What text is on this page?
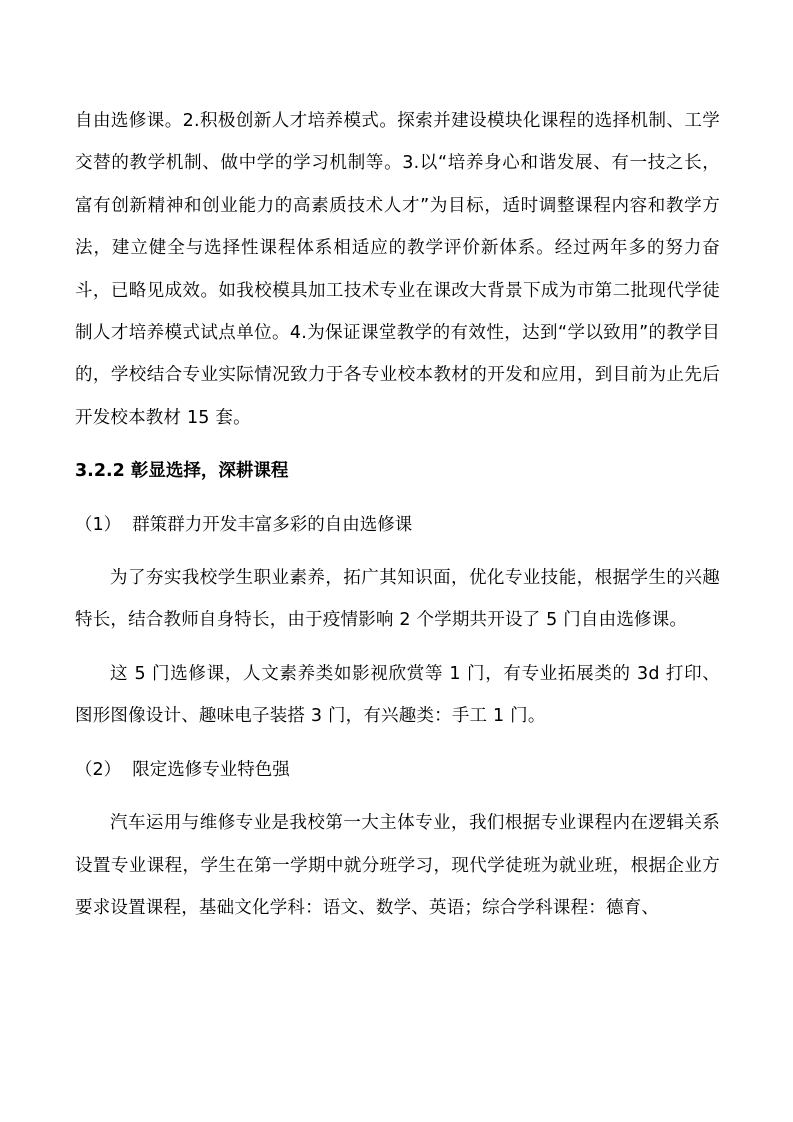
自由选修课。2.积极创新人才培养模式。探索并建设模块化课程的选择机制、工学交替的教学机制、做中学的学习机制等。3.以“培养身心和谐发展、有一技之长，富有创新精神和创业能力的高素质技术人才”为目标，适时调整课程内容和教学方法，建立健全与选择性课程体系相适应的教学评价新体系。经过两年多的努力奋斗，已略见成效。如我校模具加工技术专业在课改大背景下成为市第二批现代学徒制人才培养模式试点单位。4.为保证课堂教学的有效性，达到“学以致用”的教学目的，学校结合专业实际情况致力于各专业校本教材的开发和应用，到目前为止先后开发校本教材 15 套。

3.2.2 彰显选择，深耕课程
（1）  群策群力开发丰富多彩的自由选修课

为了夯实我校学生职业素养，拓广其知识面，优化专业技能，根据学生的兴趣特长，结合教师自身特长，由于疫情影响 2 个学期共开设了 5 门自由选修课。

这 5 门选修课，人文素养类如影视欣赏等 1 门，有专业拓展类的 3d 打印、图形图像设计、趣味电子装搭 3 门，有兴趣类：手工 1 门。

（2）  限定选修专业特色强

汽车运用与维修专业是我校第一大主体专业，我们根据专业课程内在逻辑关系设置专业课程，学生在第一学期中就分班学习，现代学徒班为就业班，根据企业方要求设置课程，基础文化学科：语文、数学、英语；综合学科课程：德育、
